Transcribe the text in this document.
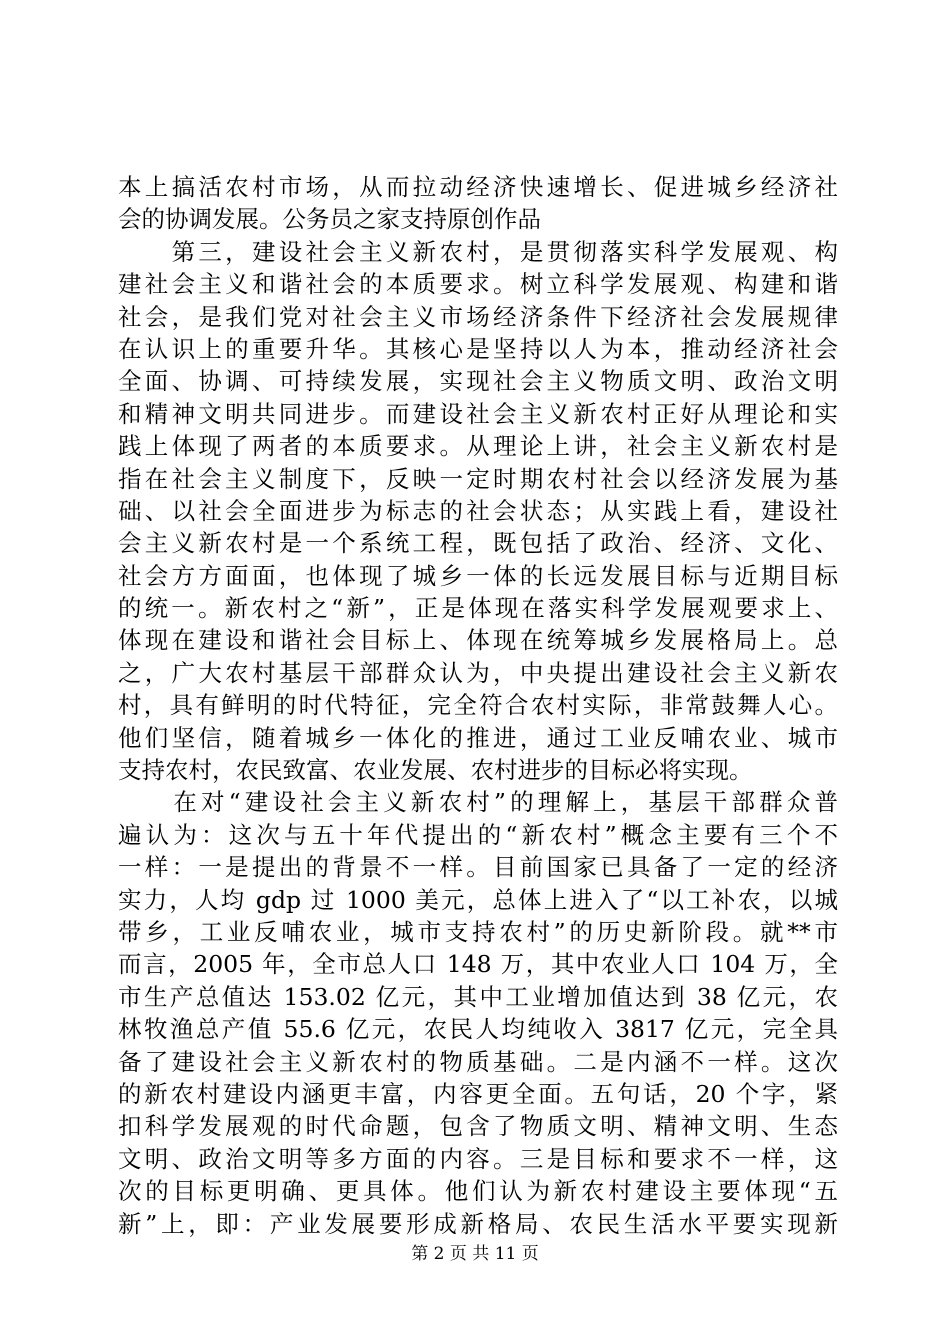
本上搞活农村市场，从而拉动经济快速增长、促进城乡经济社
会的协调发展。公务员之家支持原创作品
　　第三，建设社会主义新农村，是贯彻落实科学发展观、构
建社会主义和谐社会的本质要求。树立科学发展观、构建和谐
社会，是我们党对社会主义市场经济条件下经济社会发展规律
在认识上的重要升华。其核心是坚持以人为本，推动经济社会
全面、协调、可持续发展，实现社会主义物质文明、政治文明
和精神文明共同进步。而建设社会主义新农村正好从理论和实
践上体现了两者的本质要求。从理论上讲，社会主义新农村是
指在社会主义制度下，反映一定时期农村社会以经济发展为基
础、以社会全面进步为标志的社会状态；从实践上看，建设社
会主义新农村是一个系统工程，既包括了政治、经济、文化、
社会方方面面，也体现了城乡一体的长远发展目标与近期目标
的统一。新农村之“新”，正是体现在落实科学发展观要求上、
体现在建设和谐社会目标上、体现在统筹城乡发展格局上。总
之，广大农村基层干部群众认为，中央提出建设社会主义新农
村，具有鲜明的时代特征，完全符合农村实际，非常鼓舞人心。
他们坚信，随着城乡一体化的推进，通过工业反哺农业、城市
支持农村，农民致富、农业发展、农村进步的目标必将实现。
　　在对“建设社会主义新农村”的理解上，基层干部群众普
遍认为：这次与五十年代提出的“新农村”概念主要有三个不
一样：一是提出的背景不一样。目前国家已具备了一定的经济
实力，人均 gdp 过 1000 美元，总体上进入了“以工补农，以城
带乡，工业反哺农业，城市支持农村”的历史新阶段。就**市
而言，2005 年，全市总人口 148 万，其中农业人口 104 万，全
市生产总值达 153.02 亿元，其中工业增加值达到 38 亿元，农
林牧渔总产值 55.6 亿元，农民人均纯收入 3817 亿元，完全具
备了建设社会主义新农村的物质基础。二是内涵不一样。这次
的新农村建设内涵更丰富，内容更全面。五句话，20 个字，紧
扣科学发展观的时代命题，包含了物质文明、精神文明、生态
文明、政治文明等多方面的内容。三是目标和要求不一样，这
次的目标更明确、更具体。他们认为新农村建设主要体现“五
新”上，即：产业发展要形成新格局、农民生活水平要实现新
第 2 页 共 11 页
